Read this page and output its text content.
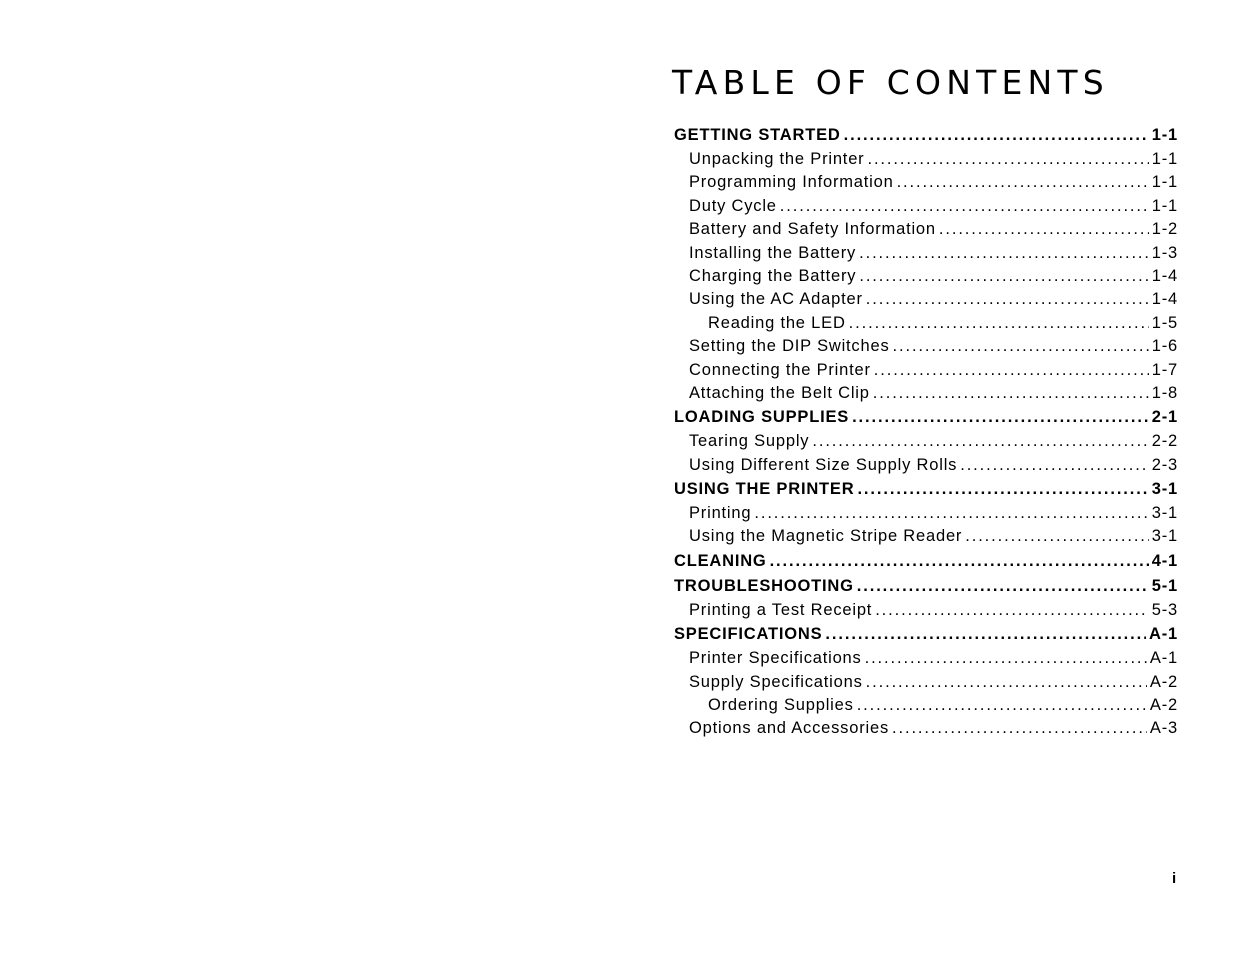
TABLE OF CONTENTS
GETTING STARTED .....	1-1
Unpacking the Printer .....	1-1
Programming Information .....	1-1
Duty Cycle .....	1-1
Battery and Safety Information .....	1-2
Installing the Battery .....	1-3
Charging the Battery .....	1-4
Using the AC Adapter .....	1-4
Reading the LED .....	1-5
Setting the DIP Switches .....	1-6
Connecting the Printer .....	1-7
Attaching the Belt Clip .....	1-8
LOADING SUPPLIES .....	2-1
Tearing Supply .....	2-2
Using Different Size Supply Rolls .....	2-3
USING THE PRINTER .....	3-1
Printing .....	3-1
Using the Magnetic Stripe Reader .....	3-1
CLEANING .....	4-1
TROUBLESHOOTING .....	5-1
Printing a Test Receipt .....	5-3
SPECIFICATIONS .....	A-1
Printer Specifications .....	A-1
Supply Specifications .....	A-2
Ordering Supplies .....	A-2
Options and Accessories .....	A-3
i
